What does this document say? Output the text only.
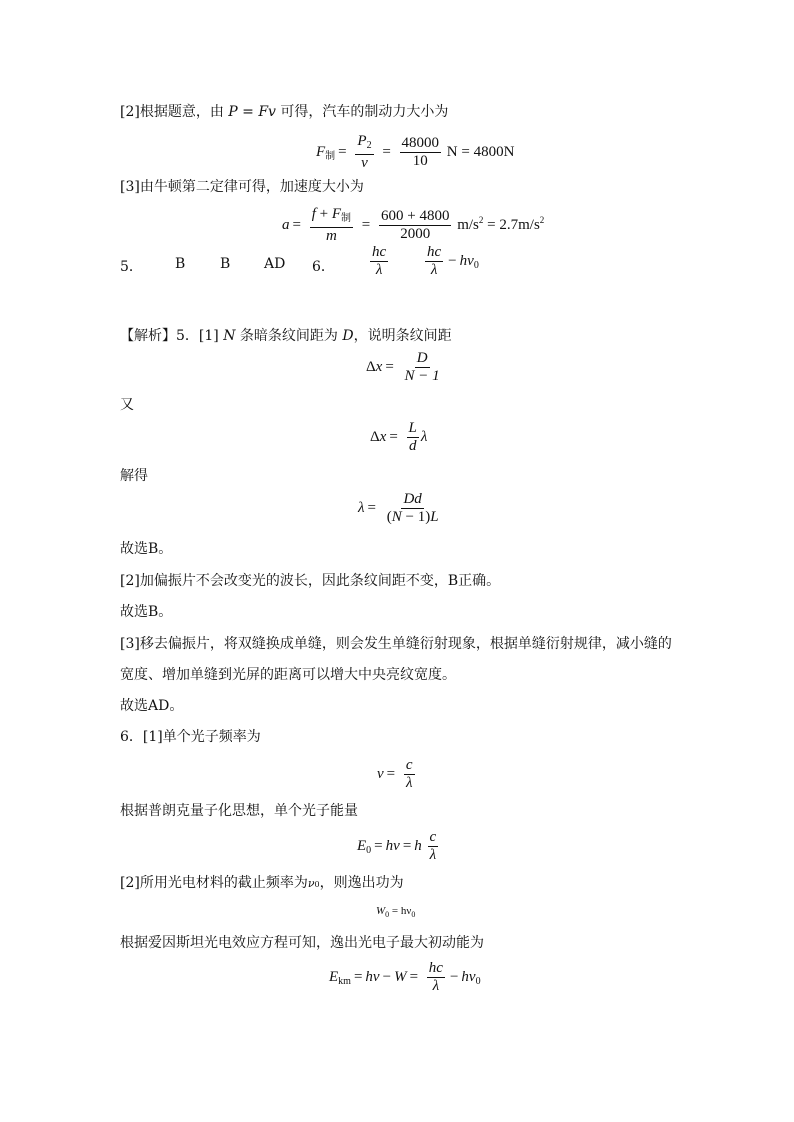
[2]根据题意，由 P = Fv 可得，汽车的制动力大小为
$F_制 = \frac{P_2}{v} = \frac{48000}{10}$ N = 4800N
[3]由牛顿第二定律可得，加速度大小为
$a = \frac{f + F_制}{m} = \frac{600 + 4800}{2000} m/s^2 = 2.7m/s^2$
5． B B AD 6． $\frac{hc}{\lambda} \frac{hc}{\lambda} - h\nu_0$
【解析】5．[1] N 条暗条纹间距为 D，说明条纹间距
$\Delta x = \frac{D}{N - 1}$
又
$\Delta x = \frac{L}{d}$ λ
解得
$\lambda = \frac{Dd}{(N - 1)L}$
故选B。
[2]加偏振片不会改变光的波长，因此条纹间距不变，B正确。
故选B。
[3]移去偏振片，将双缝换成单缝，则会发生单缝衍射现象，根据单缝衍射规律，减小缝的
宽度、增加单缝到光屏的距离可以增大中央亮纹宽度。
故选AD。
6．[1]单个光子频率为
$\nu = \frac{c}{\lambda}$
根据普朗克量子化思想，单个光子能量
$E_0 = h\nu = h \frac{c}{\lambda}$
[2]所用光电材料的截止频率为ν0，则逸出功为
$W_0 = h\nu_0$
根据爱因斯坦光电效应方程可知，逸出光电子最大初动能为
$E_{km} = h\nu - W = \frac{hc}{\lambda} - h\nu_0$
